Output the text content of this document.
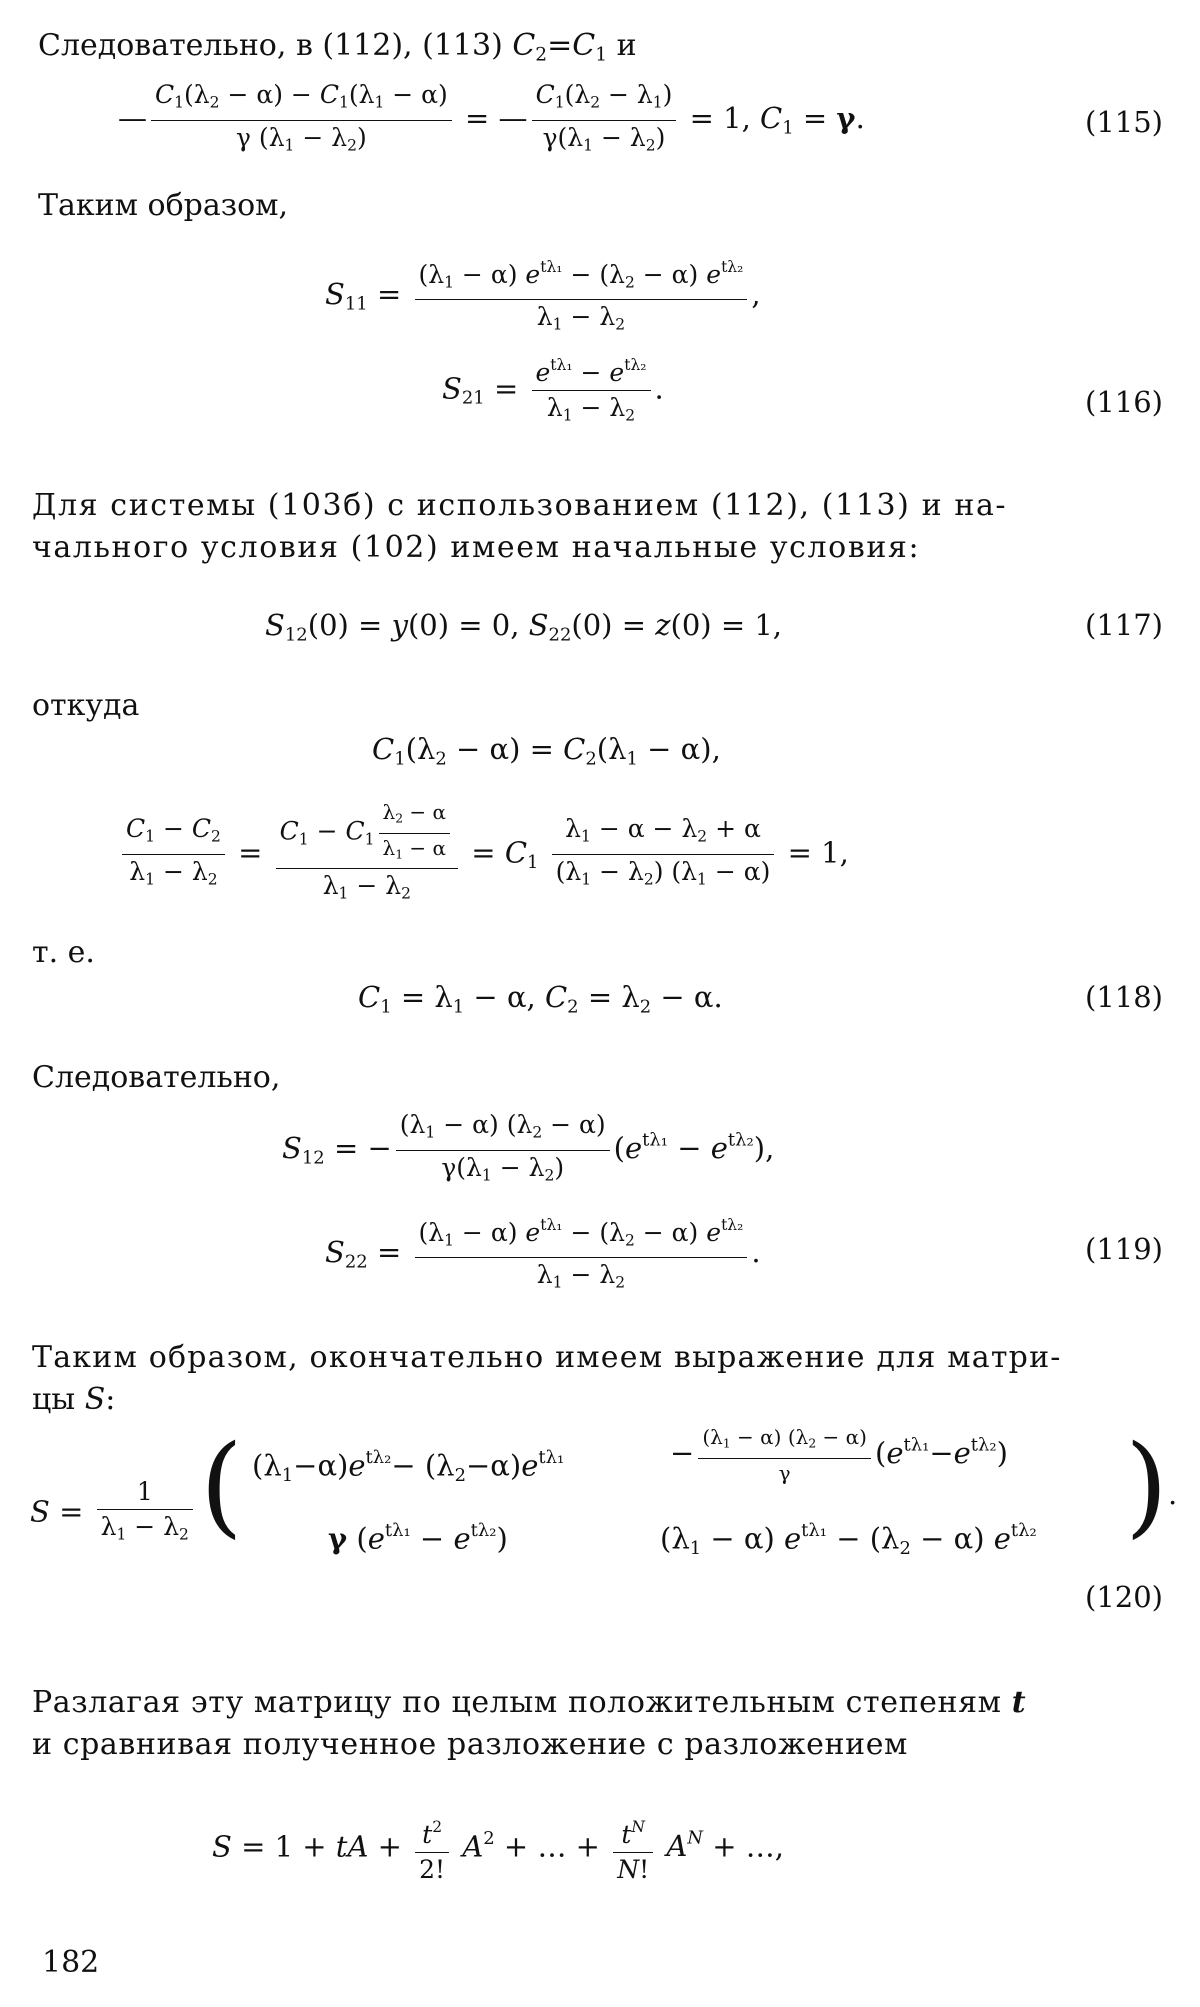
Следовательно, в (112), (113) $C_2=C_1$ и
— $\frac{C_1(\lambda_2 - \alpha) - C_1(\lambda_1 - \alpha)}{\gamma (\lambda_1 - \lambda_2)}$ = — $\frac{C_1(\lambda_2 - \lambda_1)}{\gamma(\lambda_1 - \lambda_2)} = 1$, $C_1 = \gamma$.	(115)
Таким образом,
$S_{11} = \frac{(\lambda_1 - \alpha) e^{t\lambda_1} - (\lambda_2 - \alpha) e^{t\lambda_2}}{\lambda_1 - \lambda_2}$ ,
$S_{21} = \frac{e^{t\lambda_1} - e^{t\lambda_2}}{\lambda_1 - \lambda_2}$ .	(116)
Для системы (103б) с использованием (112), (113) и на-
чального условия (102) имеем начальные условия:
$S_{12}(0) = y(0) = 0$, $S_{22}(0) = z(0) = 1$,	(117)
откуда
$C_1(\lambda_2 - \alpha) = C_2(\lambda_1 - \alpha)$,
$\frac{C_1 - C_2}{\lambda_1 - \lambda_2} = \frac{C_1 - C_1 \frac{\lambda_2 - \alpha}{\lambda_1 - \alpha}}{\lambda_1 - \lambda_2} = C_1 \frac{\lambda_1 - \alpha - \lambda_2 + \alpha}{(\lambda_1 - \lambda_2) (\lambda_1 - \alpha)} = 1$,
т. е.
$C_1 = \lambda_1 - \alpha$, $C_2 = \lambda_2 - \alpha$.	(118)
Следовательно,
$S_{12}$ = − $\frac{(\lambda_1 - \alpha) (\lambda_2 - \alpha)}{\gamma(\lambda_1 - \lambda_2)} (e^{t\lambda_1} - e^{t\lambda_2})$,
$S_{22} = \frac{(\lambda_1 - \alpha) e^{t\lambda_1} - (\lambda_2 - \alpha) e^{t\lambda_2}}{\lambda_1 - \lambda_2}$ .	(119)
Таким образом, окончательно имеем выражение для матри-
цы S:
$S = \frac{1}{\lambda_1 - \lambda_2}$ ( $(\lambda_1-\alpha)e^{t\lambda_2}- (\lambda_2-\alpha)e^{t\lambda_1}$	− $\frac{(\lambda_1 - \alpha) (\lambda_2 - \alpha)}{\gamma} (e^{t\lambda_1}-e^{t\lambda_2})$
γ $(e^{t\lambda_1} - e^{t\lambda_2})$	$(\lambda_1 - \alpha) e^{t\lambda_1} - (\lambda_2 - \alpha)$ $e^{t\lambda_2}$ ) .
(120)
Разлагая эту матрицу по целым положительным степеням t
и сравнивая полученное разложение с разложением
S = 1 + tA + $\frac{t^2}{2!} A^2$ + … + $\frac{t^N}{N!} A^N$ + …,
182
